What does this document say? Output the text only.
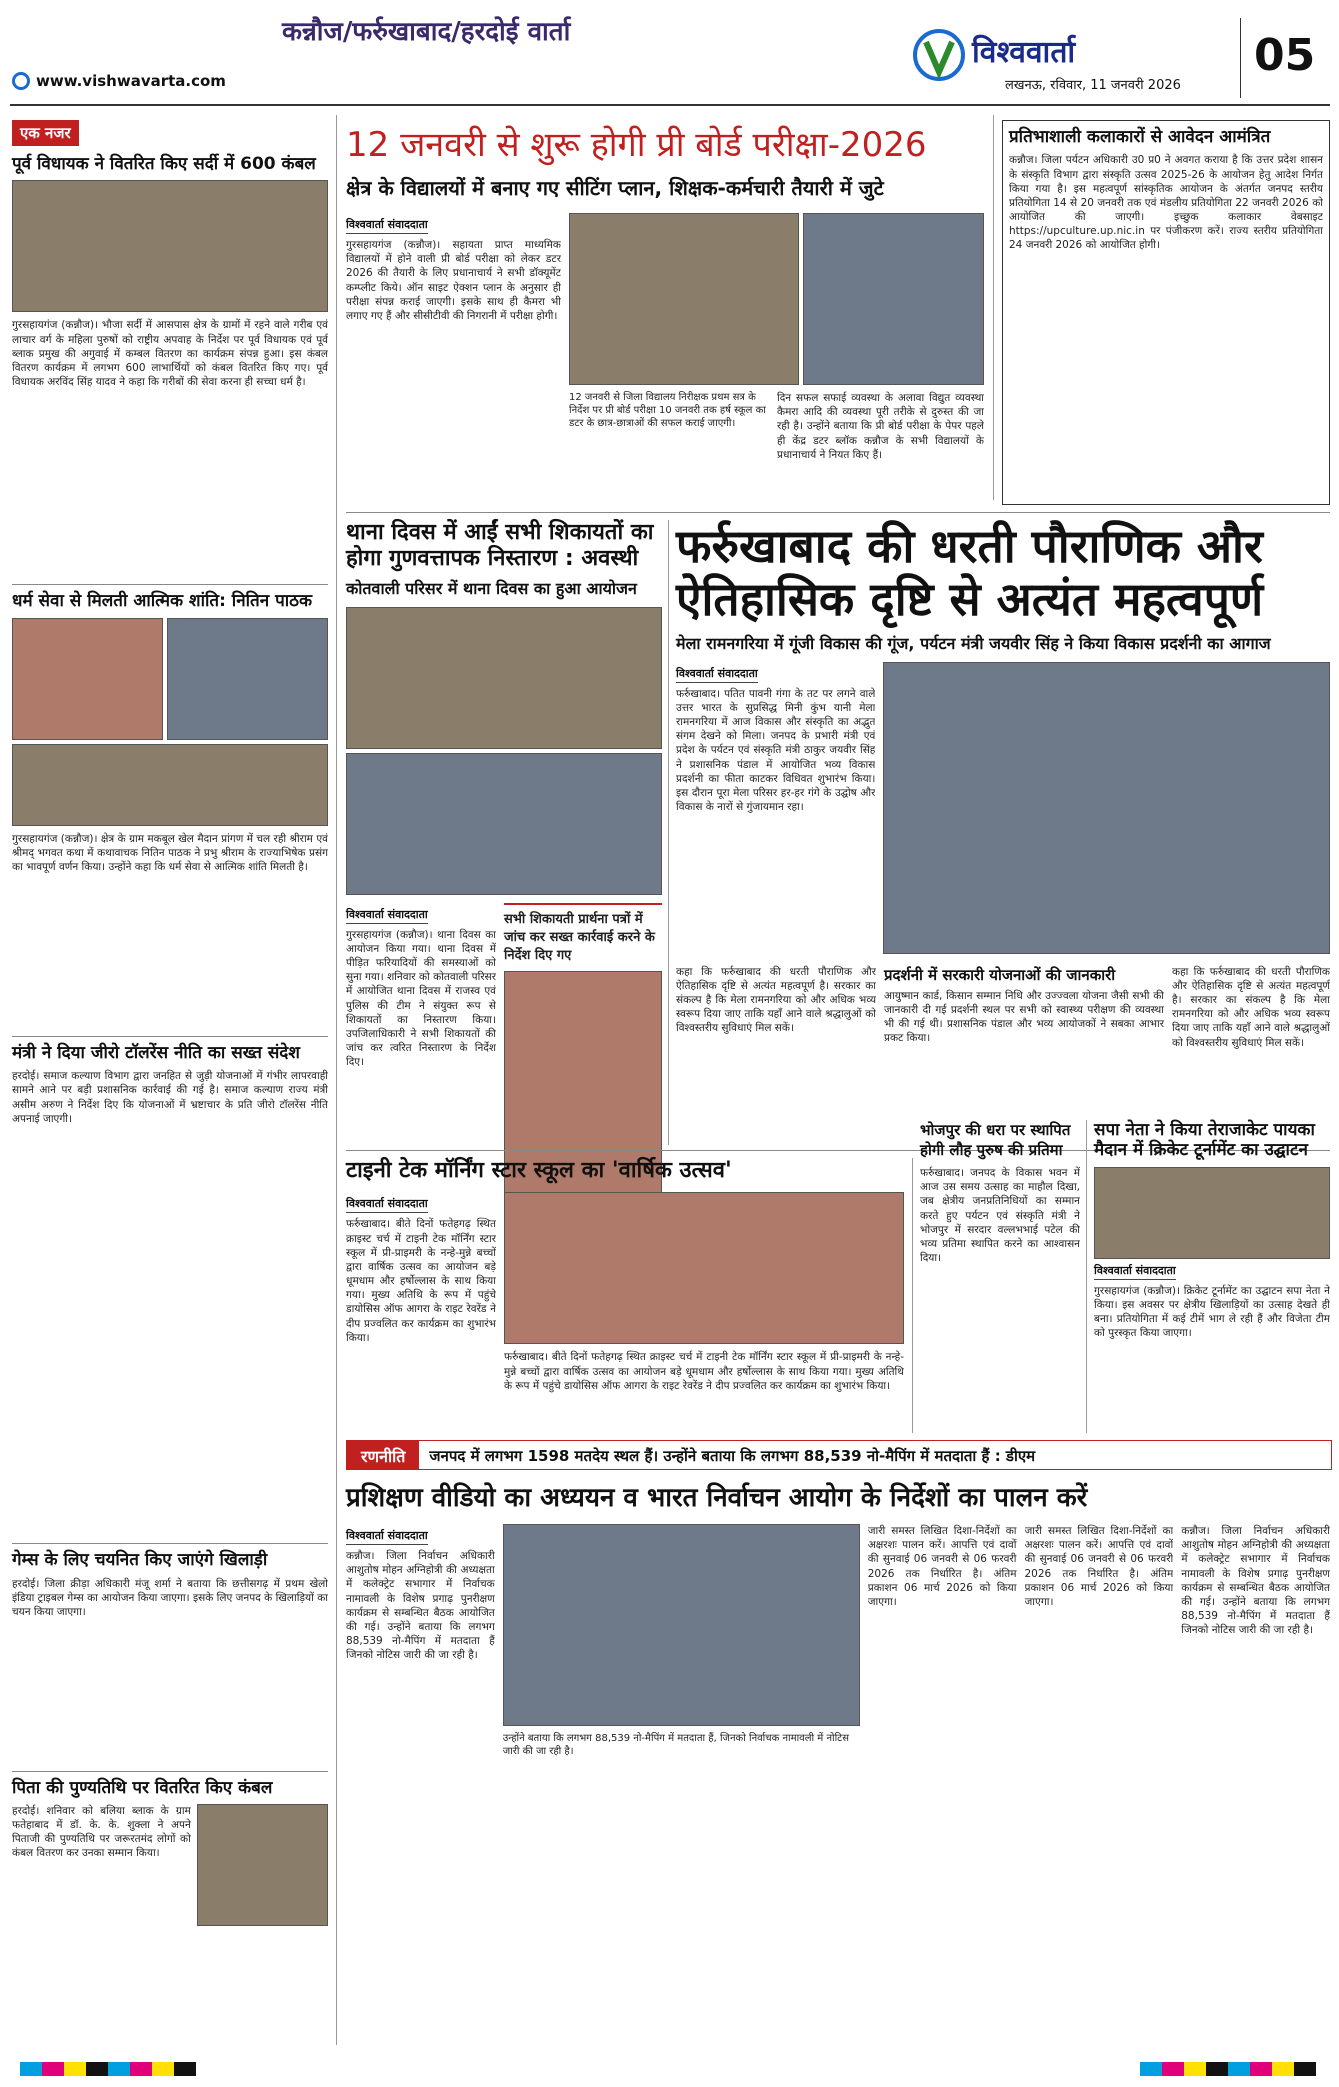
कन्नौज/फर्रुखाबाद/हरदोई वार्ता
www.vishwavarta.com
विश्ववार्ता
लखनऊ, रविवार, 11 जनवरी 2026
05
एक नजर
पूर्व विधायक ने वितरित किए सर्दी में 600 कंबल
गुरसहायगंज (कन्नौज)। भौजा सर्दी में आसपास क्षेत्र के ग्रामों में रहने वाले गरीब एवं लाचार वर्ग के महिला पुरुषों को राष्ट्रीय अपवाह के निर्देश पर पूर्व विधायक एवं पूर्व ब्लाक प्रमुख की अगुवाई में कम्बल वितरण का कार्यक्रम संपन्न हुआ। इस कंबल वितरण कार्यक्रम में लगभग 600 लाभार्थियों को कंबल वितरित किए गए। पूर्व विधायक अरविंद सिंह यादव ने कहा कि गरीबों की सेवा करना ही सच्चा धर्म है।
धर्म सेवा से मिलती आत्मिक शांति: नितिन पाठक
गुरसहायगंज (कन्नौज)। क्षेत्र के ग्राम मकबूल खेल मैदान प्रांगण में चल रही श्रीराम एवं श्रीमद् भगवत कथा में कथावाचक नितिन पाठक ने प्रभु श्रीराम के राज्याभिषेक प्रसंग का भावपूर्ण वर्णन किया। उन्होंने कहा कि धर्म सेवा से आत्मिक शांति मिलती है।
मंत्री ने दिया जीरो टॉलरेंस नीति का सख्त संदेश
हरदोई। समाज कल्याण विभाग द्वारा जनहित से जुड़ी योजनाओं में गंभीर लापरवाही सामने आने पर बड़ी प्रशासनिक कार्रवाई की गई है। समाज कल्याण राज्य मंत्री असीम अरुण ने निर्देश दिए कि योजनाओं में भ्रष्टाचार के प्रति जीरो टॉलरेंस नीति अपनाई जाएगी।
गेम्स के लिए चयनित किए जाएंगे खिलाड़ी
हरदोई। जिला क्रीड़ा अधिकारी मंजू शर्मा ने बताया कि छत्तीसगढ़ में प्रथम खेलो इंडिया ट्राइबल गेम्स का आयोजन किया जाएगा। इसके लिए जनपद के खिलाड़ियों का चयन किया जाएगा।
पिता की पुण्यतिथि पर वितरित किए कंबल
हरदोई। शनिवार को बलिया ब्लाक के ग्राम फतेहाबाद में डॉ. के. के. शुक्ला ने अपने पिताजी की पुण्यतिथि पर जरूरतमंद लोगों को कंबल वितरण कर उनका सम्मान किया।
12 जनवरी से शुरू होगी प्री बोर्ड परीक्षा-2026
क्षेत्र के विद्यालयों में बनाए गए सीटिंग प्लान, शिक्षक-कर्मचारी तैयारी में जुटे
विश्ववार्ता संवाददाता
गुरसहायगंज (कन्नौज)। सहायता प्राप्त माध्यमिक विद्यालयों में होने वाली प्री बोर्ड परीक्षा को लेकर डटर 2026 की तैयारी के लिए प्रधानाचार्य ने सभी डॉक्यूमेंट कम्प्लीट किये। ऑन साइट ऐक्शन प्लान के अनुसार ही परीक्षा संपन्न कराई जाएगी। इसके साथ ही कैमरा भी लगाए गए हैं और सीसीटीवी की निगरानी में परीक्षा होगी।
12 जनवरी से जिला विद्यालय निरीक्षक प्रथम सत्र के निर्देश पर प्री बोर्ड परीक्षा 10 जनवरी तक हर्ष स्कूल का डटर के छात्र-छात्राओं की सफल कराई जाएगी।
दिन सफल सफाई व्यवस्था के अलावा विद्युत व्यवस्था कैमरा आदि की व्यवस्था पूरी तरीके से दुरुस्त की जा रही है। उन्होंने बताया कि प्री बोर्ड परीक्षा के पेपर पहले ही केंद्र डटर ब्लॉक कन्नौज के सभी विद्यालयों के प्रधानाचार्य ने नियत किए हैं।
प्रतिभाशाली कलाकारों से आवेदन आमंत्रित
कन्नौज। जिला पर्यटन अधिकारी उ0 प्र0 ने अवगत कराया है कि उत्तर प्रदेश शासन के संस्कृति विभाग द्वारा संस्कृति उत्सव 2025-26 के आयोजन हेतु आदेश निर्गत किया गया है। इस महत्वपूर्ण सांस्कृतिक आयोजन के अंतर्गत जनपद स्तरीय प्रतियोगिता 14 से 20 जनवरी तक एवं मंडलीय प्रतियोगिता 22 जनवरी 2026 को आयोजित की जाएगी। इच्छुक कलाकार वेबसाइट https://upculture.up.nic.in पर पंजीकरण करें। राज्य स्तरीय प्रतियोगिता 24 जनवरी 2026 को आयोजित होगी।
थाना दिवस में आईं सभी शिकायतों का होगा गुणवत्तापक निस्तारण : अवस्थी
कोतवाली परिसर में थाना दिवस का हुआ आयोजन
विश्ववार्ता संवाददाता
गुरसहायगंज (कन्नौज)। थाना दिवस का आयोजन किया गया। थाना दिवस में पीड़ित फरियादियों की समस्याओं को सुना गया। शनिवार को कोतवाली परिसर में आयोजित थाना दिवस में राजस्व एवं पुलिस की टीम ने संयुक्त रूप से शिकायतों का निस्तारण किया। उपजिलाधिकारी ने सभी शिकायतों की जांच कर त्वरित निस्तारण के निर्देश दिए।
सभी शिकायती प्रार्थना पत्रों में जांच कर सख्त कार्रवाई करने के निर्देश दिए गए
फर्रुखाबाद की धरती पौराणिक और
ऐतिहासिक दृष्टि से अत्यंत महत्वपूर्ण
मेला रामनगरिया में गूंजी विकास की गूंज, पर्यटन मंत्री जयवीर सिंह ने किया विकास प्रदर्शनी का आगाज
विश्ववार्ता संवाददाता
फर्रुखाबाद। पतित पावनी गंगा के तट पर लगने वाले उत्तर भारत के सुप्रसिद्ध मिनी कुंभ यानी मेला रामनगरिया में आज विकास और संस्कृति का अद्भुत संगम देखने को मिला। जनपद के प्रभारी मंत्री एवं प्रदेश के पर्यटन एवं संस्कृति मंत्री ठाकुर जयवीर सिंह ने प्रशासनिक पंडाल में आयोजित भव्य विकास प्रदर्शनी का फीता काटकर विधिवत शुभारंभ किया। इस दौरान पूरा मेला परिसर हर-हर गंगे के उद्घोष और विकास के नारों से गुंजायमान रहा।
कहा कि फर्रुखाबाद की धरती पौराणिक और ऐतिहासिक दृष्टि से अत्यंत महत्वपूर्ण है। सरकार का संकल्प है कि मेला रामनगरिया को और अधिक भव्य स्वरूप दिया जाए ताकि यहाँ आने वाले श्रद्धालुओं को विश्वस्तरीय सुविधाएं मिल सकें।
प्रदर्शनी में सरकारी योजनाओं की जानकारी
आयुष्मान कार्ड, किसान सम्मान निधि और उज्ज्वला योजना जैसी सभी की जानकारी दी गई प्रदर्शनी स्थल पर सभी को स्वास्थ्य परीक्षण की व्यवस्था भी की गई थी। प्रशासनिक पंडाल और भव्य आयोजकों ने सबका आभार प्रकट किया।
कहा कि फर्रुखाबाद की धरती पौराणिक और ऐतिहासिक दृष्टि से अत्यंत महत्वपूर्ण है। सरकार का संकल्प है कि मेला रामनगरिया को और अधिक भव्य स्वरूप दिया जाए ताकि यहाँ आने वाले श्रद्धालुओं को विश्वस्तरीय सुविधाएं मिल सकें।
टाइनी टेक मॉर्निंग स्टार स्कूल का 'वार्षिक उत्सव'
विश्ववार्ता संवाददाता
फर्रुखाबाद। बीते दिनों फतेहगढ़ स्थित क्राइस्ट चर्च में टाइनी टेक मॉर्निंग स्टार स्कूल में प्री-प्राइमरी के नन्हे-मुन्ने बच्चों द्वारा वार्षिक उत्सव का आयोजन बड़े धूमधाम और हर्षोल्लास के साथ किया गया। मुख्य अतिथि के रूप में पहुंचे डायोसिस ऑफ आगरा के राइट रेवरेंड ने दीप प्रज्वलित कर कार्यक्रम का शुभारंभ किया।
फर्रुखाबाद। बीते दिनों फतेहगढ़ स्थित क्राइस्ट चर्च में टाइनी टेक मॉर्निंग स्टार स्कूल में प्री-प्राइमरी के नन्हे-मुन्ने बच्चों द्वारा वार्षिक उत्सव का आयोजन बड़े धूमधाम और हर्षोल्लास के साथ किया गया। मुख्य अतिथि के रूप में पहुंचे डायोसिस ऑफ आगरा के राइट रेवरेंड ने दीप प्रज्वलित कर कार्यक्रम का शुभारंभ किया।
भोजपुर की धरा पर स्थापित होगी लौह पुरुष की प्रतिमा
फर्रुखाबाद। जनपद के विकास भवन में आज उस समय उत्साह का माहौल दिखा, जब क्षेत्रीय जनप्रतिनिधियों का सम्मान करते हुए पर्यटन एवं संस्कृति मंत्री ने भोजपुर में सरदार वल्लभभाई पटेल की भव्य प्रतिमा स्थापित करने का आश्वासन दिया।
सपा नेता ने किया तेराजाकेट पायका मैदान में क्रिकेट टूर्नामेंट का उद्घाटन
विश्ववार्ता संवाददाता
गुरसहायगंज (कन्नौज)। क्रिकेट टूर्नामेंट का उद्घाटन सपा नेता ने किया। इस अवसर पर क्षेत्रीय खिलाड़ियों का उत्साह देखते ही बना। प्रतियोगिता में कई टीमें भाग ले रही हैं और विजेता टीम को पुरस्कृत किया जाएगा।
रणनीति	जनपद में लगभग 1598 मतदेय स्थल हैं। उन्होंने बताया कि लगभग 88,539 नो-मैपिंग में मतदाता हैं : डीएम
प्रशिक्षण वीडियो का अध्ययन व भारत निर्वाचन आयोग के निर्देशों का पालन करें
विश्ववार्ता संवाददाता
कन्नौज। जिला निर्वाचन अधिकारी आशुतोष मोहन अग्निहोत्री की अध्यक्षता में कलेक्ट्रेट सभागार में निर्वाचक नामावली के विशेष प्रगाढ़ पुनरीक्षण कार्यक्रम से सम्बन्धित बैठक आयोजित की गई। उन्होंने बताया कि लगभग 88,539 नो-मैपिंग में मतदाता हैं जिनको नोटिस जारी की जा रही है।
उन्होंने बताया कि लगभग 88,539 नो-मैपिंग में मतदाता हैं, जिनको निर्वाचक नामावली में नोटिस जारी की जा रही है।
जारी समस्त लिखित दिशा-निर्देशों का अक्षरशः पालन करें। आपत्ति एवं दावों की सुनवाई 06 जनवरी से 06 फरवरी 2026 तक निर्धारित है। अंतिम प्रकाशन 06 मार्च 2026 को किया जाएगा।
जारी समस्त लिखित दिशा-निर्देशों का अक्षरशः पालन करें। आपत्ति एवं दावों की सुनवाई 06 जनवरी से 06 फरवरी 2026 तक निर्धारित है। अंतिम प्रकाशन 06 मार्च 2026 को किया जाएगा।
कन्नौज। जिला निर्वाचन अधिकारी आशुतोष मोहन अग्निहोत्री की अध्यक्षता में कलेक्ट्रेट सभागार में निर्वाचक नामावली के विशेष प्रगाढ़ पुनरीक्षण कार्यक्रम से सम्बन्धित बैठक आयोजित की गई। उन्होंने बताया कि लगभग 88,539 नो-मैपिंग में मतदाता हैं जिनको नोटिस जारी की जा रही है।
